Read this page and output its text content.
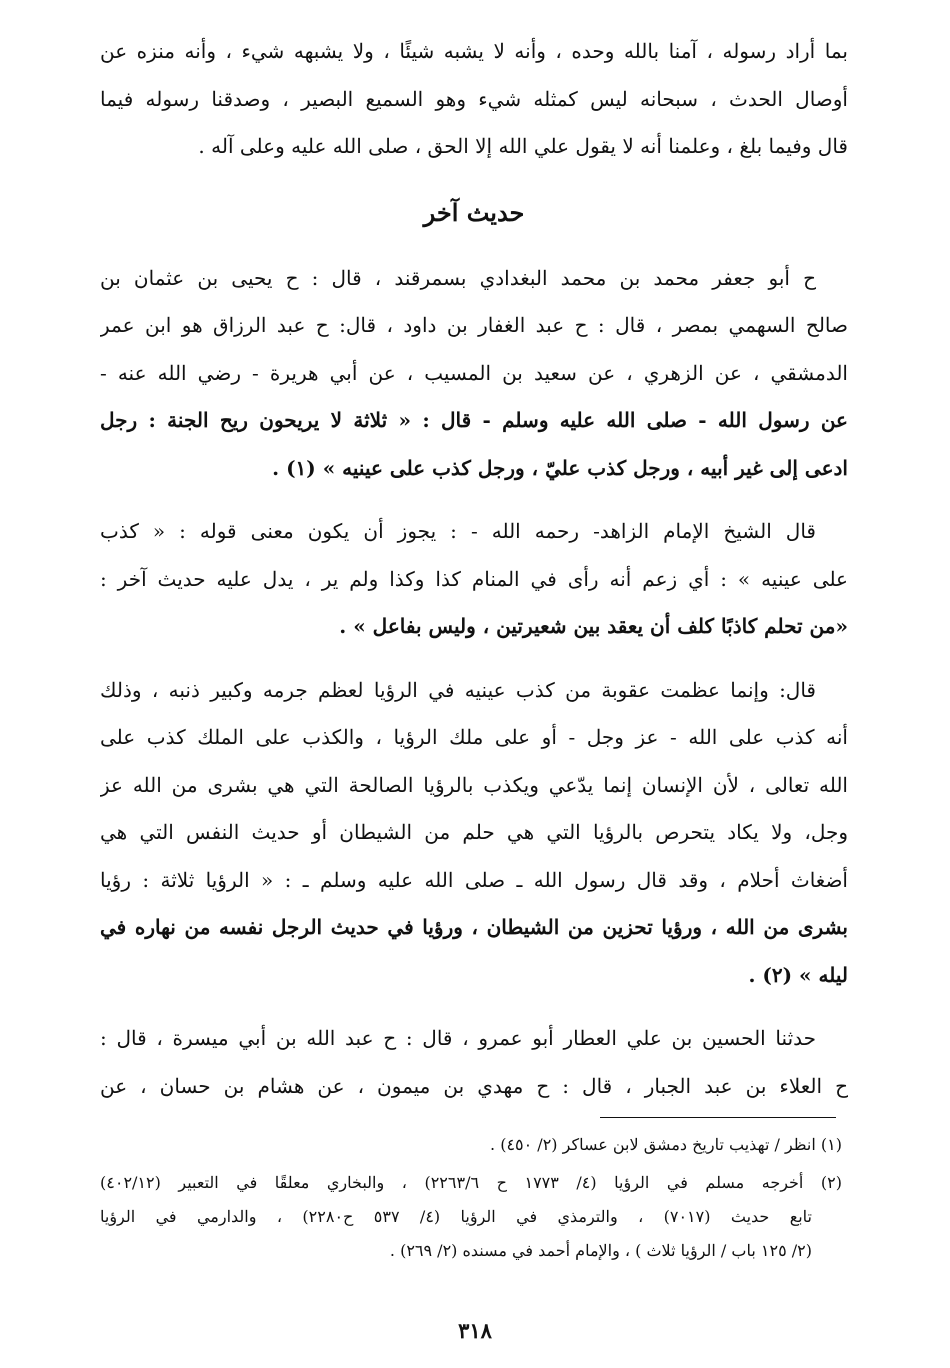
بما أراد رسوله ، آمنا بالله وحده ، وأنه لا يشبه شيئًا ، ولا يشبهه شيء ، وأنه منزه عن
أوصال الحدث ، سبحانه ليس كمثله شيء وهو السميع البصير ، وصدقنا رسوله فيما
قال وفيما بلغ ، وعلمنا أنه لا يقول علي الله إلا الحق ، صلى الله عليه وعلى آله .
حديث آخر
ح أبو جعفر محمد بن محمد البغدادي بسمرقند ، قال : ح يحيى بن عثمان بن
صالح السهمي بمصر ، قال : ح عبد الغفار بن داود ، قال: ح عبد الرزاق هو ابن عمر
الدمشقي ، عن الزهري ، عن سعيد بن المسيب ، عن أبي هريرة - رضي الله عنه -
عن رسول الله - صلى الله عليه وسلم - قال : « ثلاثة لا يريحون ريح الجنة : رجل
ادعى إلى غير أبيه ، ورجل كذب عليّ ، ورجل كذب على عينيه » (١) .
قال الشيخ الإمام الزاهد- رحمه الله - : يجوز أن يكون معنى قوله : « كذب
على عينيه » : أي زعم أنه رأى في المنام كذا وكذا ولم ير ، يدل عليه حديث آخر :
«من تحلم كاذبًا كلف أن يعقد بين شعيرتين ، وليس بفاعل » .
قال: وإنما عظمت عقوبة من كذب عينيه في الرؤيا لعظم جرمه وكبير ذنبه ، وذلك
أنه كذب على الله - عز وجل - أو على ملك الرؤيا ، والكذب على الملك كذب على
الله تعالى ، لأن الإنسان إنما يدّعي ويكذب بالرؤيا الصالحة التي هي بشرى من الله عز
وجل، ولا يكاد يتحرص بالرؤيا التي هي حلم من الشيطان أو حديث النفس التي هي
أضغاث أحلام ، وقد قال رسول الله ـ صلى الله عليه وسلم ـ : « الرؤيا ثلاثة : رؤيا
بشرى من الله ، ورؤيا تحزين من الشيطان ، ورؤيا في حديث الرجل نفسه من نهاره في
ليله » (٢) .
حدثنا الحسين بن علي العطار أبو عمرو ، قال : ح عبد الله بن أبي ميسرة ، قال :
ح العلاء بن عبد الجبار ، قال : ح مهدي بن ميمون ، عن هشام بن حسان ، عن
(١) انظر / تهذيب تاريخ دمشق لابن عساكر (٢/ ٤٥٠) .
(٢) أخرجه مسلم في الرؤيا (٤/ ١٧٧٣ ح ٢٢٦٣/٦) ، والبخاري معلقًا في التعبير (٤٠٢/١٢)
تابع حديث (٧٠١٧) ، والترمذي في الرؤيا (٤/ ٥٣٧ ح٢٢٨٠) ، والدارمي في الرؤيا
(٢/ ١٢٥ باب / الرؤيا ثلاث ) ، والإمام أحمد في مسنده (٢/ ٢٦٩) .
٣١٨
